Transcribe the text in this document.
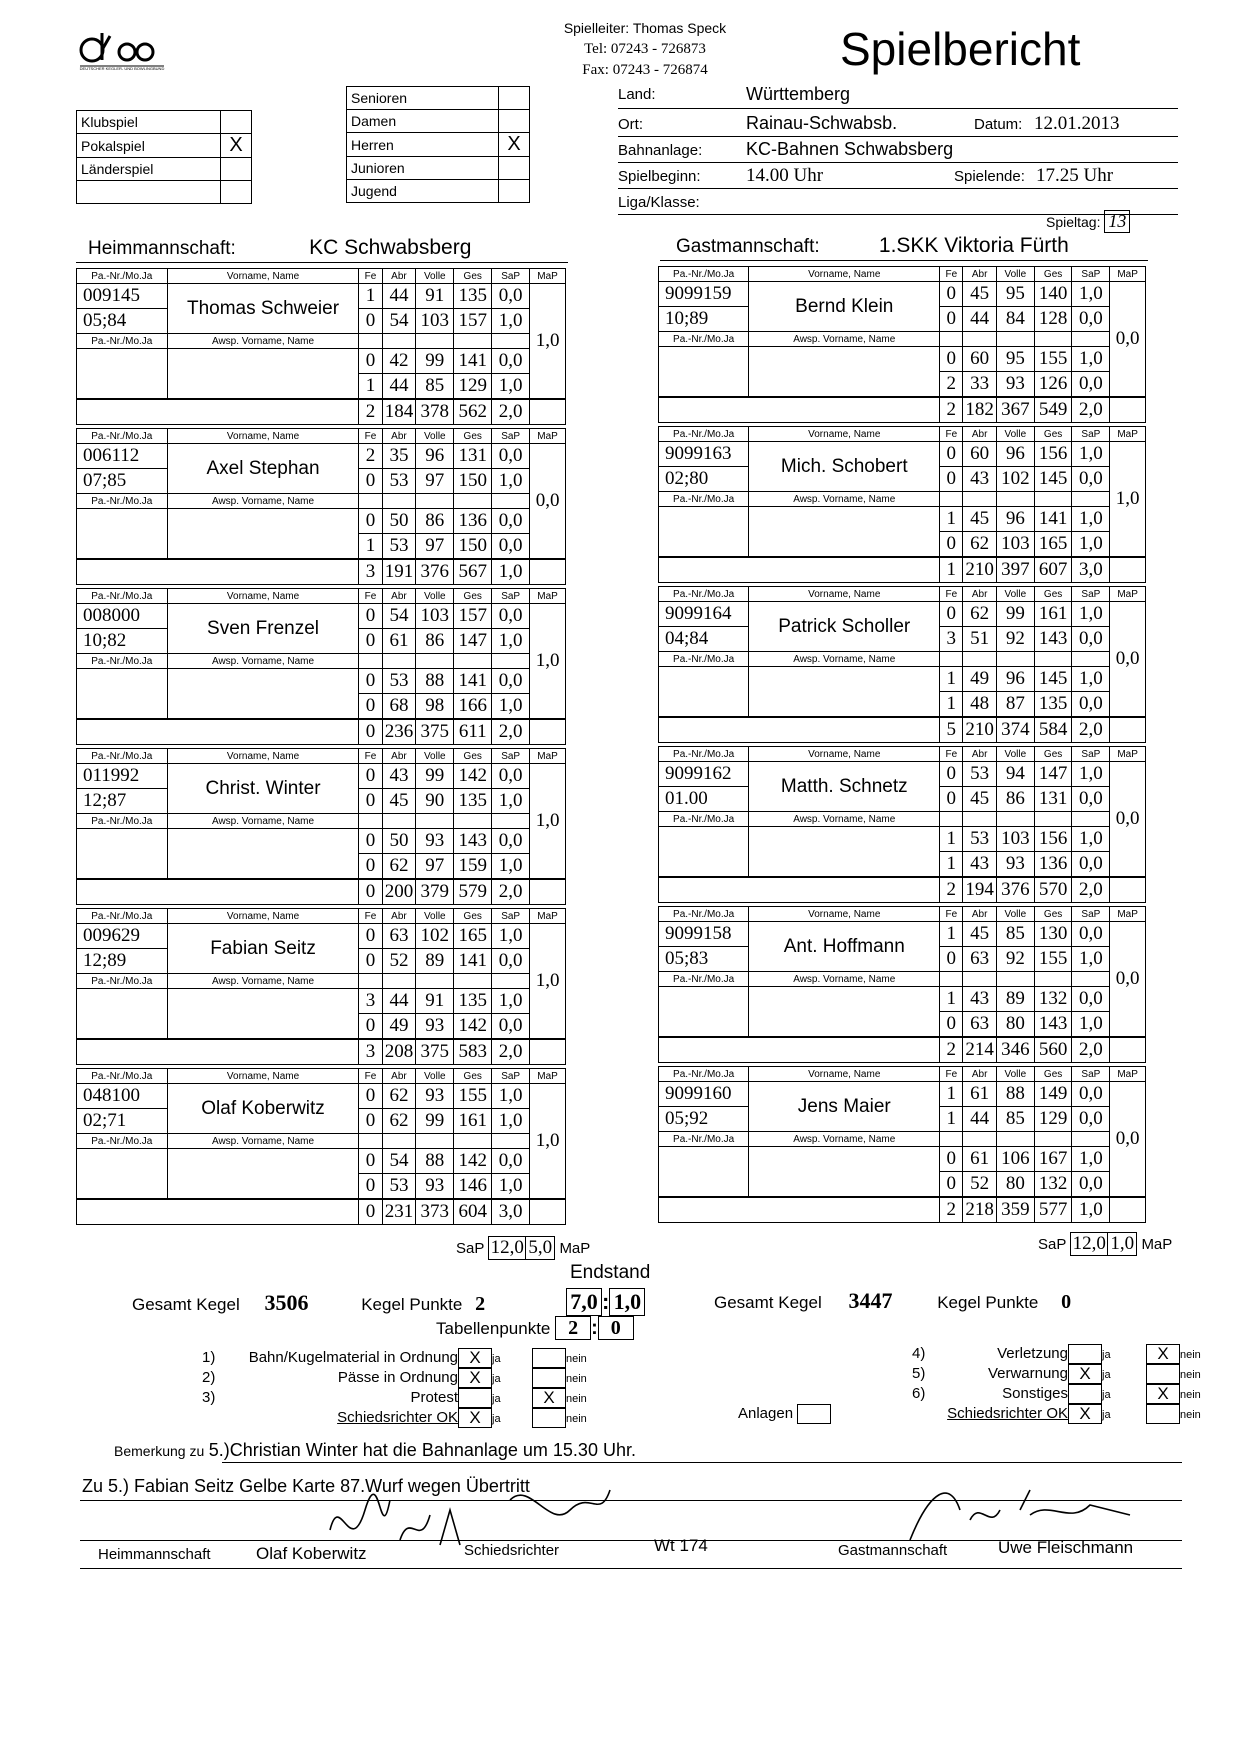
DEUTSCHER KEGLER- UND BOWLINGBUND
Spielleiter: Thomas Speck
Tel: 07243 - 726873
Fax: 07243 - 726874	Spielbericht
Klubspiel	
Pokalspiel	X
Länderspiel	

Senioren	
Damen	
Herren	X
Junioren	
Jugend	
Land:	Württemberg
Ort:	Rainau-Schwabsb.	Datum: 12.01.2013
Bahnanlage: KC-Bahnen Schwabsberg
Spielbeginn: 14.00 Uhr	Spielende: 17.25 Uhr
Liga/Klasse:
Spieltag: 13
Heimmannschaft:	KC Schwabsberg	Gastmannschaft:	1.SKK Viktoria Fürth
Pa.-Nr./Mo.Ja	Vorname, Name	Fe	Abr	Volle	Ges	SaP	MaP
009145	Thomas Schweier	1	44	91	135	0,0	1,0
05;84		0	54	103	157	1,0	
Pa.-Nr./Mo.Ja	Awsp. Vorname, Name						
		0	42	99	141	0,0	
		1	44	85	129	1,0	
		2	184	378	562	2,0	
Pa.-Nr./Mo.Ja	Vorname, Name	Fe	Abr	Volle	Ges	SaP	MaP
006112	Axel Stephan	2	35	96	131	0,0	0,0
07;85		0	53	97	150	1,0	
Pa.-Nr./Mo.Ja	Awsp. Vorname, Name						
		0	50	86	136	0,0	
		1	53	97	150	0,0	
		3	191	376	567	1,0	
Pa.-Nr./Mo.Ja	Vorname, Name	Fe	Abr	Volle	Ges	SaP	MaP
008000	Sven Frenzel	0	54	103	157	0,0	1,0
10;82		0	61	86	147	1,0	
Pa.-Nr./Mo.Ja	Awsp. Vorname, Name						
		0	53	88	141	0,0	
		0	68	98	166	1,0	
		0	236	375	611	2,0	
Pa.-Nr./Mo.Ja	Vorname, Name	Fe	Abr	Volle	Ges	SaP	MaP
011992	Christ. Winter	0	43	99	142	0,0	1,0
12;87		0	45	90	135	1,0	
Pa.-Nr./Mo.Ja	Awsp. Vorname, Name						
		0	50	93	143	0,0	
		0	62	97	159	1,0	
		0	200	379	579	2,0	
Pa.-Nr./Mo.Ja	Vorname, Name	Fe	Abr	Volle	Ges	SaP	MaP
009629	Fabian Seitz	0	63	102	165	1,0	1,0
12;89		0	52	89	141	0,0	
Pa.-Nr./Mo.Ja	Awsp. Vorname, Name						
		3	44	91	135	1,0	
		0	49	93	142	0,0	
		3	208	375	583	2,0	
Pa.-Nr./Mo.Ja	Vorname, Name	Fe	Abr	Volle	Ges	SaP	MaP
048100	Olaf Koberwitz	0	62	93	155	1,0	1,0
02;71		0	62	99	161	1,0	
Pa.-Nr./Mo.Ja	Awsp. Vorname, Name						
		0	54	88	142	0,0	
		0	53	93	146	1,0	
		0	231	373	604	3,0	
Pa.-Nr./Mo.Ja	Vorname, Name	Fe	Abr	Volle	Ges	SaP	MaP
9099159	Bernd Klein	0	45	95	140	1,0	0,0
10;89		0	44	84	128	0,0	
Pa.-Nr./Mo.Ja	Awsp. Vorname, Name						
		0	60	95	155	1,0	
		2	33	93	126	0,0	
		2	182	367	549	2,0	
Pa.-Nr./Mo.Ja	Vorname, Name	Fe	Abr	Volle	Ges	SaP	MaP
9099163	Mich. Schobert	0	60	96	156	1,0	1,0
02;80		0	43	102	145	0,0	
Pa.-Nr./Mo.Ja	Awsp. Vorname, Name						
		1	45	96	141	1,0	
		0	62	103	165	1,0	
		1	210	397	607	3,0	
Pa.-Nr./Mo.Ja	Vorname, Name	Fe	Abr	Volle	Ges	SaP	MaP
9099164	Patrick Scholler	0	62	99	161	1,0	0,0
04;84		3	51	92	143	0,0	
Pa.-Nr./Mo.Ja	Awsp. Vorname, Name						
		1	49	96	145	1,0	
		1	48	87	135	0,0	
		5	210	374	584	2,0	
Pa.-Nr./Mo.Ja	Vorname, Name	Fe	Abr	Volle	Ges	SaP	MaP
9099162	Matth. Schnetz	0	53	94	147	1,0	0,0
01.00		0	45	86	131	0,0	
Pa.-Nr./Mo.Ja	Awsp. Vorname, Name						
		1	53	103	156	1,0	
		1	43	93	136	0,0	
		2	194	376	570	2,0	
Pa.-Nr./Mo.Ja	Vorname, Name	Fe	Abr	Volle	Ges	SaP	MaP
9099158	Ant. Hoffmann	1	45	85	130	0,0	0,0
05;83		0	63	92	155	1,0	
Pa.-Nr./Mo.Ja	Awsp. Vorname, Name						
		1	43	89	132	0,0	
		0	63	80	143	1,0	
		2	214	346	560	2,0	
Pa.-Nr./Mo.Ja	Vorname, Name	Fe	Abr	Volle	Ges	SaP	MaP
9099160	Jens Maier	1	61	88	149	0,0	0,0
05;92		1	44	85	129	0,0	
Pa.-Nr./Mo.Ja	Awsp. Vorname, Name						
		0	61	106	167	1,0	
		0	52	80	132	0,0	
		2	218	359	577	1,0	
SaP 12,0 5,0 MaP	SaP 12,0 1,0 MaP
Endstand
Gesamt Kegel 3506	Kegel Punkte 2	7,0 : 1,0	Gesamt Kegel 3447	Kegel Punkte 0
Tabellenpunkte 2 : 0
1) Bahn/Kugelmaterial in Ordnung X ja	nein
2)	Pässe in Ordnung X ja	nein
3)	Protest	ja	X nein
Schiedsrichter OK X ja	nein
4)	Verletzung	ja	X nein
5)	Verwarnung X ja	nein
6)	Sonstiges	ja	X nein
Schiedsrichter OK X ja	nein
Anlagen
Bemerkung zu 5.)Christian Winter hat die Bahnanlage um 15.30 Uhr.
Zu 5.) Fabian Seitz Gelbe Karte 87.Wurf wegen Übertritt
Heimmannschaft	Olaf Koberwitz	Schiedsrichter	Wt 174	Gastmannschaft	Uwe Fleischmann
